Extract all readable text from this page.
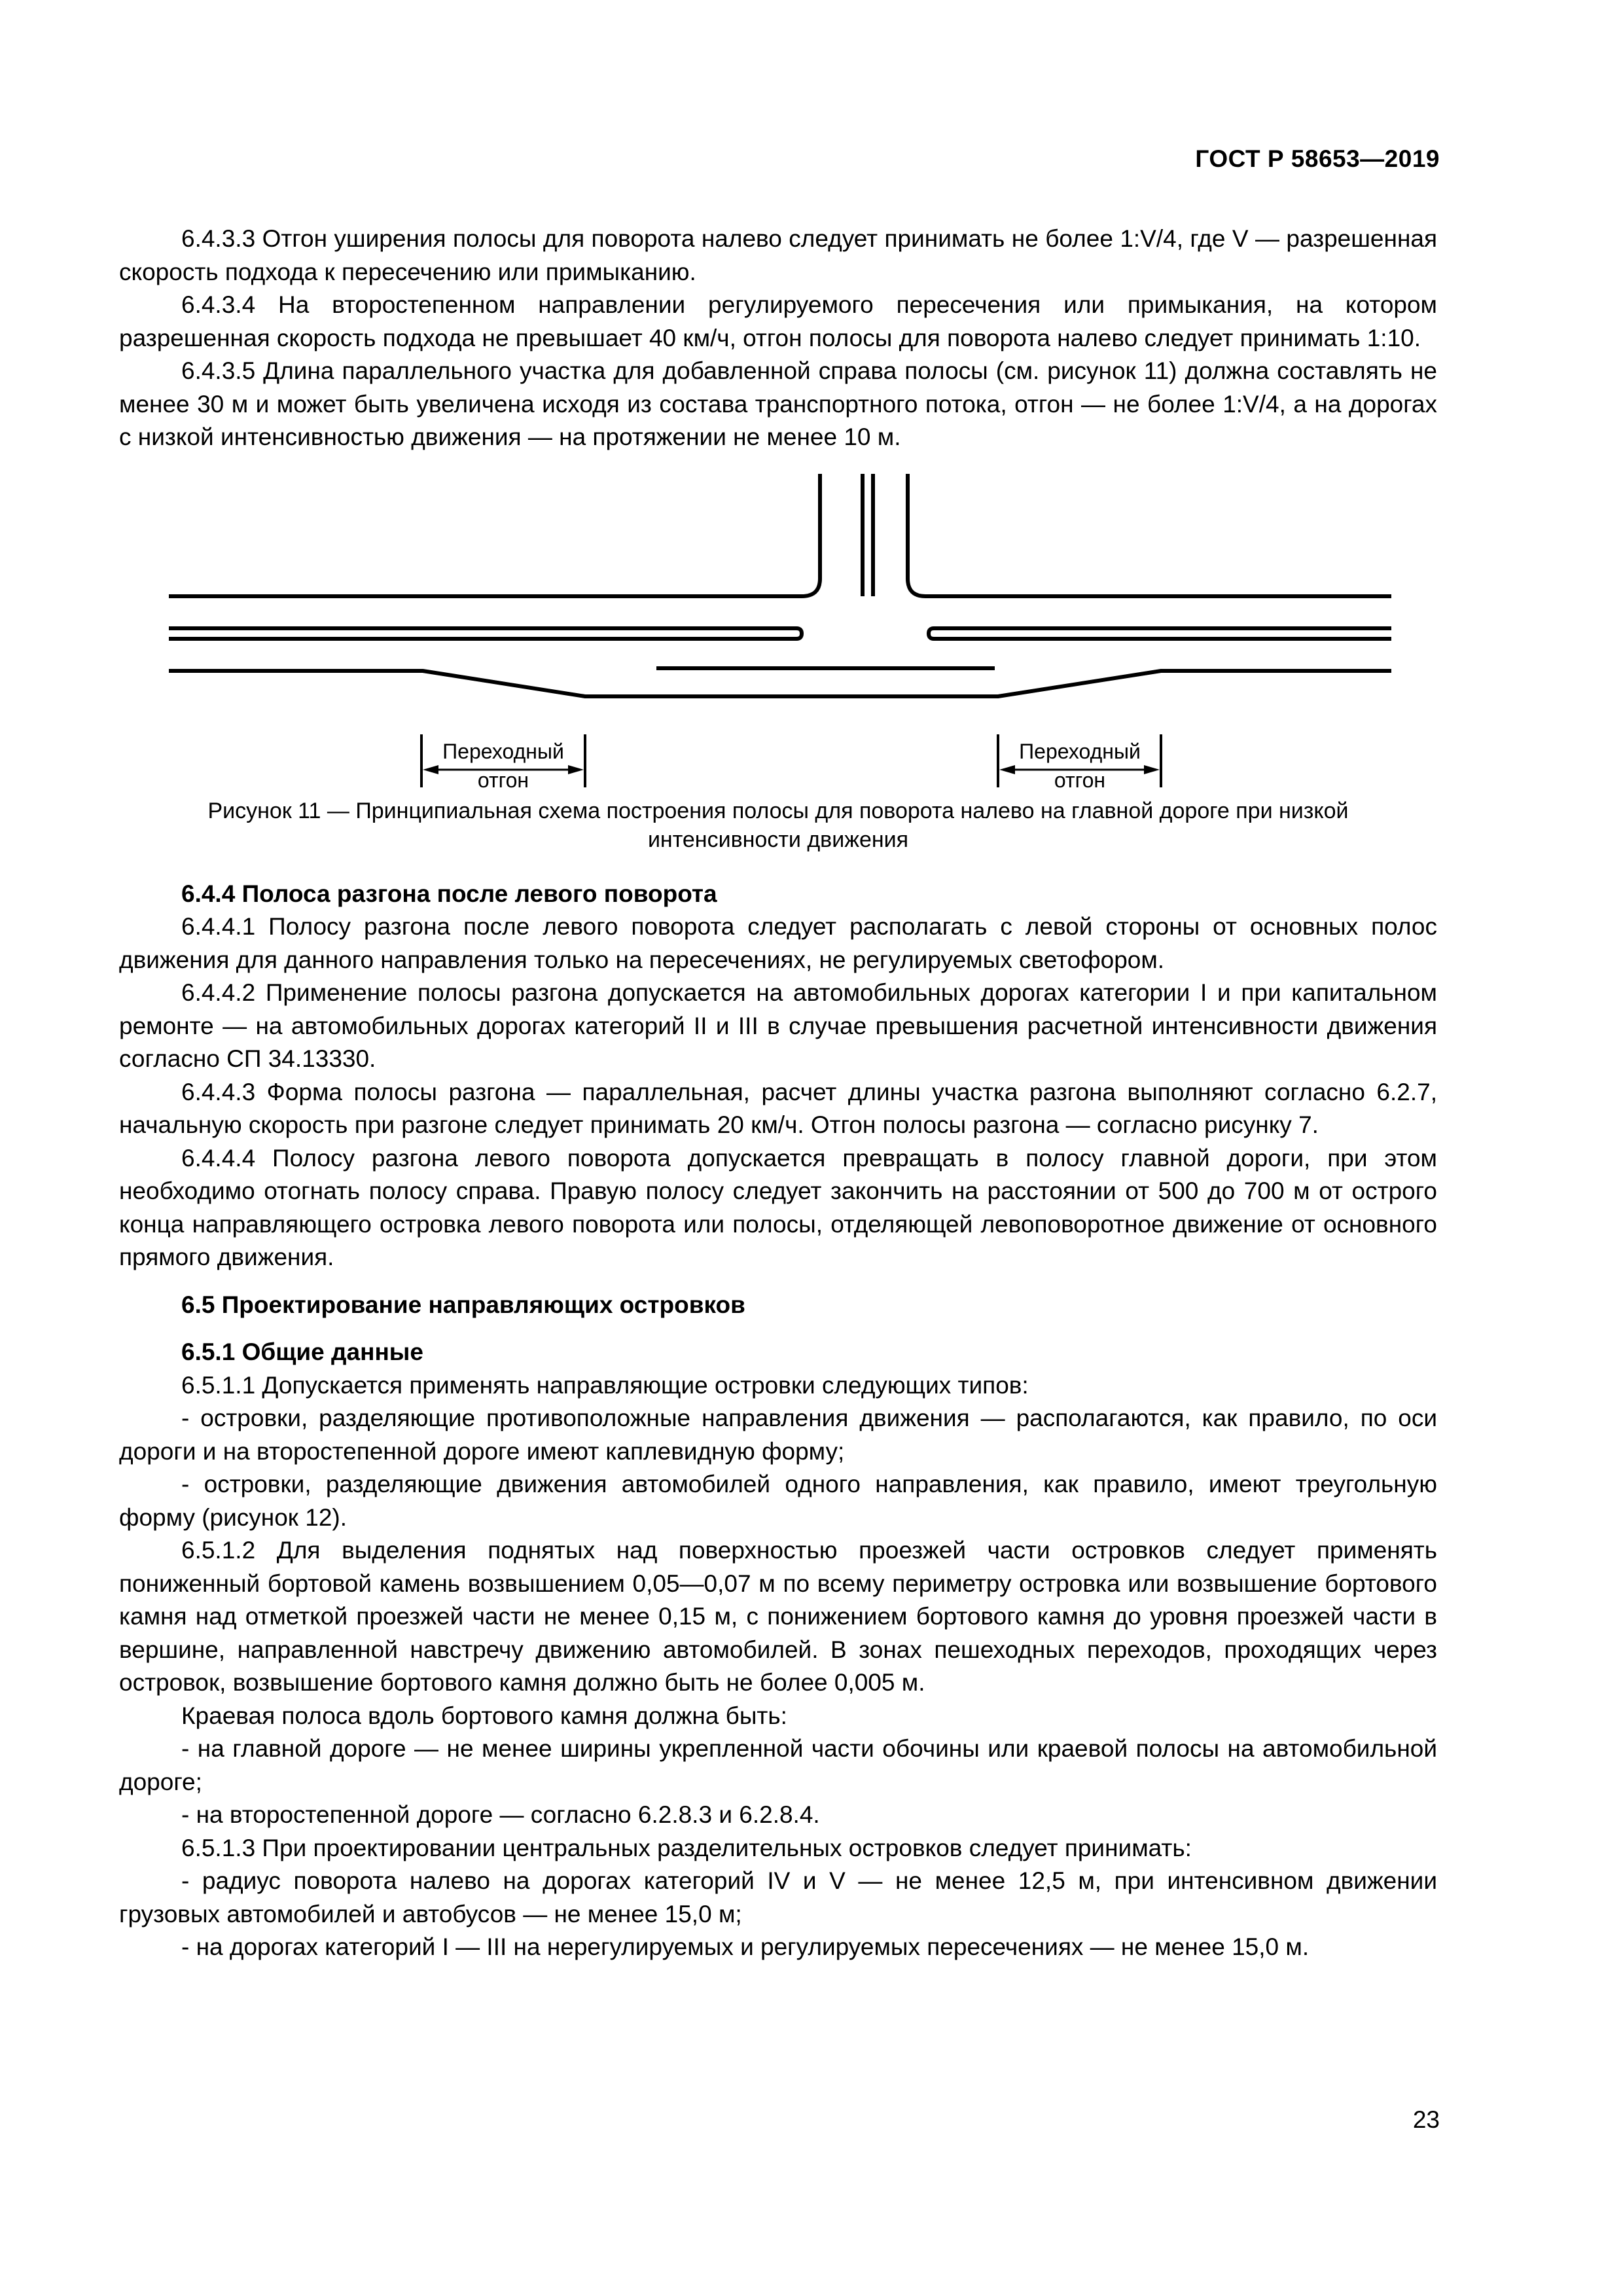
ГОСТ Р 58653—2019

6.4.3.3 Отгон уширения полосы для поворота налево следует принимать не более 1:V/4, где V — разрешенная скорость подхода к пересечению или примыканию.

6.4.3.4 На второстепенном направлении регулируемого пересечения или примыкания, на котором разрешенная скорость подхода не превышает 40 км/ч, отгон полосы для поворота налево следует принимать 1:10.

6.4.3.5 Длина параллельного участка для добавленной справа полосы (см. рисунок 11) должна составлять не менее 30 м и может быть увеличена исходя из состава транспортного потока, отгон — не более 1:V/4, а на дорогах с низкой интенсивностью движения — на протяжении не менее 10 м.

Переходный
отгон
Переходный
отгон

Рисунок 11 — Принципиальная схема построения полосы для поворота налево на главной дороге при низкой интенсивности движения

6.4.4 Полоса разгона после левого поворота

6.4.4.1 Полосу разгона после левого поворота следует располагать с левой стороны от основных полос движения для данного направления только на пересечениях, не регулируемых светофором.

6.4.4.2 Применение полосы разгона допускается на автомобильных дорогах категории I и при капитальном ремонте — на автомобильных дорогах категорий II и III в случае превышения расчетной интенсивности движения согласно СП 34.13330.

6.4.4.3 Форма полосы разгона — параллельная, расчет длины участка разгона выполняют согласно 6.2.7, начальную скорость при разгоне следует принимать 20 км/ч. Отгон полосы разгона — согласно рисунку 7.

6.4.4.4 Полосу разгона левого поворота допускается превращать в полосу главной дороги, при этом необходимо отогнать полосу справа. Правую полосу следует закончить на расстоянии от 500 до 700 м от острого конца направляющего островка левого поворота или полосы, отделяющей левоповоротное движение от основного прямого движения.

6.5 Проектирование направляющих островков

6.5.1 Общие данные

6.5.1.1 Допускается применять направляющие островки следующих типов:

- островки, разделяющие противоположные направления движения — располагаются, как правило, по оси дороги и на второстепенной дороге имеют каплевидную форму;

- островки, разделяющие движения автомобилей одного направления, как правило, имеют треугольную форму (рисунок 12).

6.5.1.2 Для выделения поднятых над поверхностью проезжей части островков следует применять пониженный бортовой камень возвышением 0,05—0,07 м по всему периметру островка или возвышение бортового камня над отметкой проезжей части не менее 0,15 м, с понижением бортового камня до уровня проезжей части в вершине, направленной навстречу движению автомобилей. В зонах пешеходных переходов, проходящих через островок, возвышение бортового камня должно быть не более 0,005 м.

Краевая полоса вдоль бортового камня должна быть:

- на главной дороге — не менее ширины укрепленной части обочины или краевой полосы на автомобильной дороге;

- на второстепенной дороге — согласно 6.2.8.3 и 6.2.8.4.

6.5.1.3 При проектировании центральных разделительных островков следует принимать:

- радиус поворота налево на дорогах категорий IV и V — не менее 12,5 м, при интенсивном движении грузовых автомобилей и автобусов — не менее 15,0 м;

- на дорогах категорий I — III на нерегулируемых и регулируемых пересечениях — не менее 15,0 м.

23
